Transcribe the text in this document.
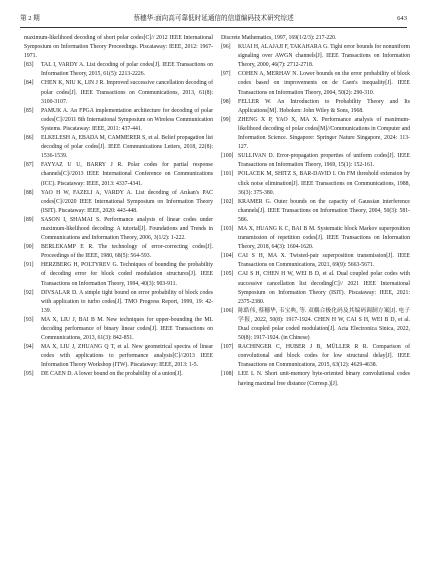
第 2 期	蔡穗华:面向高可靠低时延通信的信道编码技术研究综述	643
maximum-likelihood decoding of short polar codes[C]// 2012 IEEE International Symposium on Information Theory Proceedings. Piscataway: IEEE, 2012: 1967-1971.
[83] TAL I, VARDY A. List decoding of polar codes[J]. IEEE Transactions on Information Theory, 2015, 61(5): 2213-2226.
[84] CHEN K, NIU K, LIN J R. Improved successive cancellation decoding of polar codes[J]. IEEE Transactions on Communications, 2013, 61(8): 3100-3107.
[85] PAMUK A. An FPGA implementation architecture for decoding of polar codes[C]//2011 8th International Symposium on Wireless Communication Systems. Piscataway: IEEE, 2011: 437-441.
[86] ELKELESH A, EBADA M, CAMMERER S, et al. Belief propagation list decoding of polar codes[J]. IEEE Communications Letters, 2018, 22(8): 1536-1539.
[87] FAYYAZ U U, BARRY J R. Polar codes for partial response channels[C]//2013 IEEE International Conference on Communications (ICC). Piscataway: IEEE, 2013: 4337-4341.
[88] YAO H W, FAZELI A, VARDY A. List decoding of Arıkan's PAC codes[C]//2020 IEEE International Symposium on Information Theory (ISIT). Piscataway: IEEE, 2020: 443-448.
[89] SASON I, SHAMAI S. Performance analysis of linear codes under maximum-likelihood decoding: A tutorial[J]. Foundations and Trends in Communications and Information Theory, 2006, 3(1/2): 1-222.
[90] BERLEKAMP E R. The technology of error-correcting codes[J]. Proceedings of the IEEE, 1980, 68(5): 564-593.
[91] HERZBERG H, POLTYREV G. Techniques of bounding the probability of decoding error for block coded modulation structures[J]. IEEE Transactions on Information Theory, 1994, 40(3): 903-911.
[92] DIVSALAR D. A simple tight bound on error probability of block codes with application to turbo codes[J]. TMO Progress Report, 1999, 19: 42-139.
[93] MA X, LIU J, BAI B M. New techniques for upper-bounding the ML decoding performance of binary linear codes[J]. IEEE Transactions on Communications, 2013, 61(3): 842-851.
[94] MA X, LIU J, ZHUANG Q T, et al. New geometrical spectra of linear codes with applications to performance analysis[C]//2013 IEEE Information Theory Workshop (ITW). Piscataway: IEEE, 2013: 1-5.
[95] DE CAEN D. A lower bound on the probability of a union[J].
Discrete Mathematics, 1997, 169(1/2/3): 217-220.
[96] KUAI H, ALAJAJI F, TAKAHARA G. Tight error bounds for nonuniform signaling over AWGN channels[J]. IEEE Transactions on Information Theory, 2000, 46(7): 2712-2718.
[97] COHEN A, MERHAV N. Lower bounds on the error probability of block codes based on improvements on de Caen's inequality[J]. IEEE Transactions on Information Theory, 2004, 50(2): 290-310.
[98] FELLER W. An Introduction to Probability Theory and Its Applications[M]. Hoboken: John Wiley & Sons, 1968.
[99] ZHENG X P, YAO X, MA X. Performance analysis of maximum-likelihood decoding of polar codes[M]//Communications in Computer and Information Science. Singapore: Springer Nature Singapore, 2024: 113-127.
[100] SULLIVAN D. Error-propagation properties of uniform codes[J]. IEEE Transactions on Information Theory, 1969, 15(1): 152-161.
[101] POLACEK M, SHITZ S, BAR-DAVID I. On FM threshold extension by click noise elimination[J]. IEEE Transactions on Communications, 1988, 36(3): 375-380.
[102] KRAMER G. Outer bounds on the capacity of Gaussian interference channels[J]. IEEE Transactions on Information Theory, 2004, 50(3): 581-586.
[103] MA X, HUANG K C, BAI B M. Systematic block Markov superposition transmission of repetition codes[J]. IEEE Transactions on Information Theory, 2018, 64(3): 1604-1620.
[104] CAI S H, MA X. Twisted-pair superposition transmission[J]. IEEE Transactions on Communications, 2021, 69(9): 5663-5671.
[105] CAI S H, CHEN H W, WEI B D, et al. Dual coupled polar codes with successive cancellation list decoding[C]// 2021 IEEE International Symposium on Information Theory (ISIT). Piscataway: IEEE, 2021: 2375-2380.
[106] 陈皓伟, 蔡穗华, 韦宝典, 等. 双耦合极化码及其编码调制方案[J]. 电子学报, 2022, 50(8): 1917-1924. CHEN H W, CAI S H, WEI B D, et al. Dual coupled polar coded modulation[J]. Acta Electronica Sinica, 2022, 50(8): 1917-1924. (in Chinese)
[107] RACHINGER C, HUBER J B, MÜLLER R R. Comparison of convolutional and block codes for low structural delay[J]. IEEE Transactions on Communications, 2015, 63(12): 4629-4638.
[108] LEE L N. Short unit-memory byte-oriented binary convolutional codes having maximal free distance (Corresp.)[J].
